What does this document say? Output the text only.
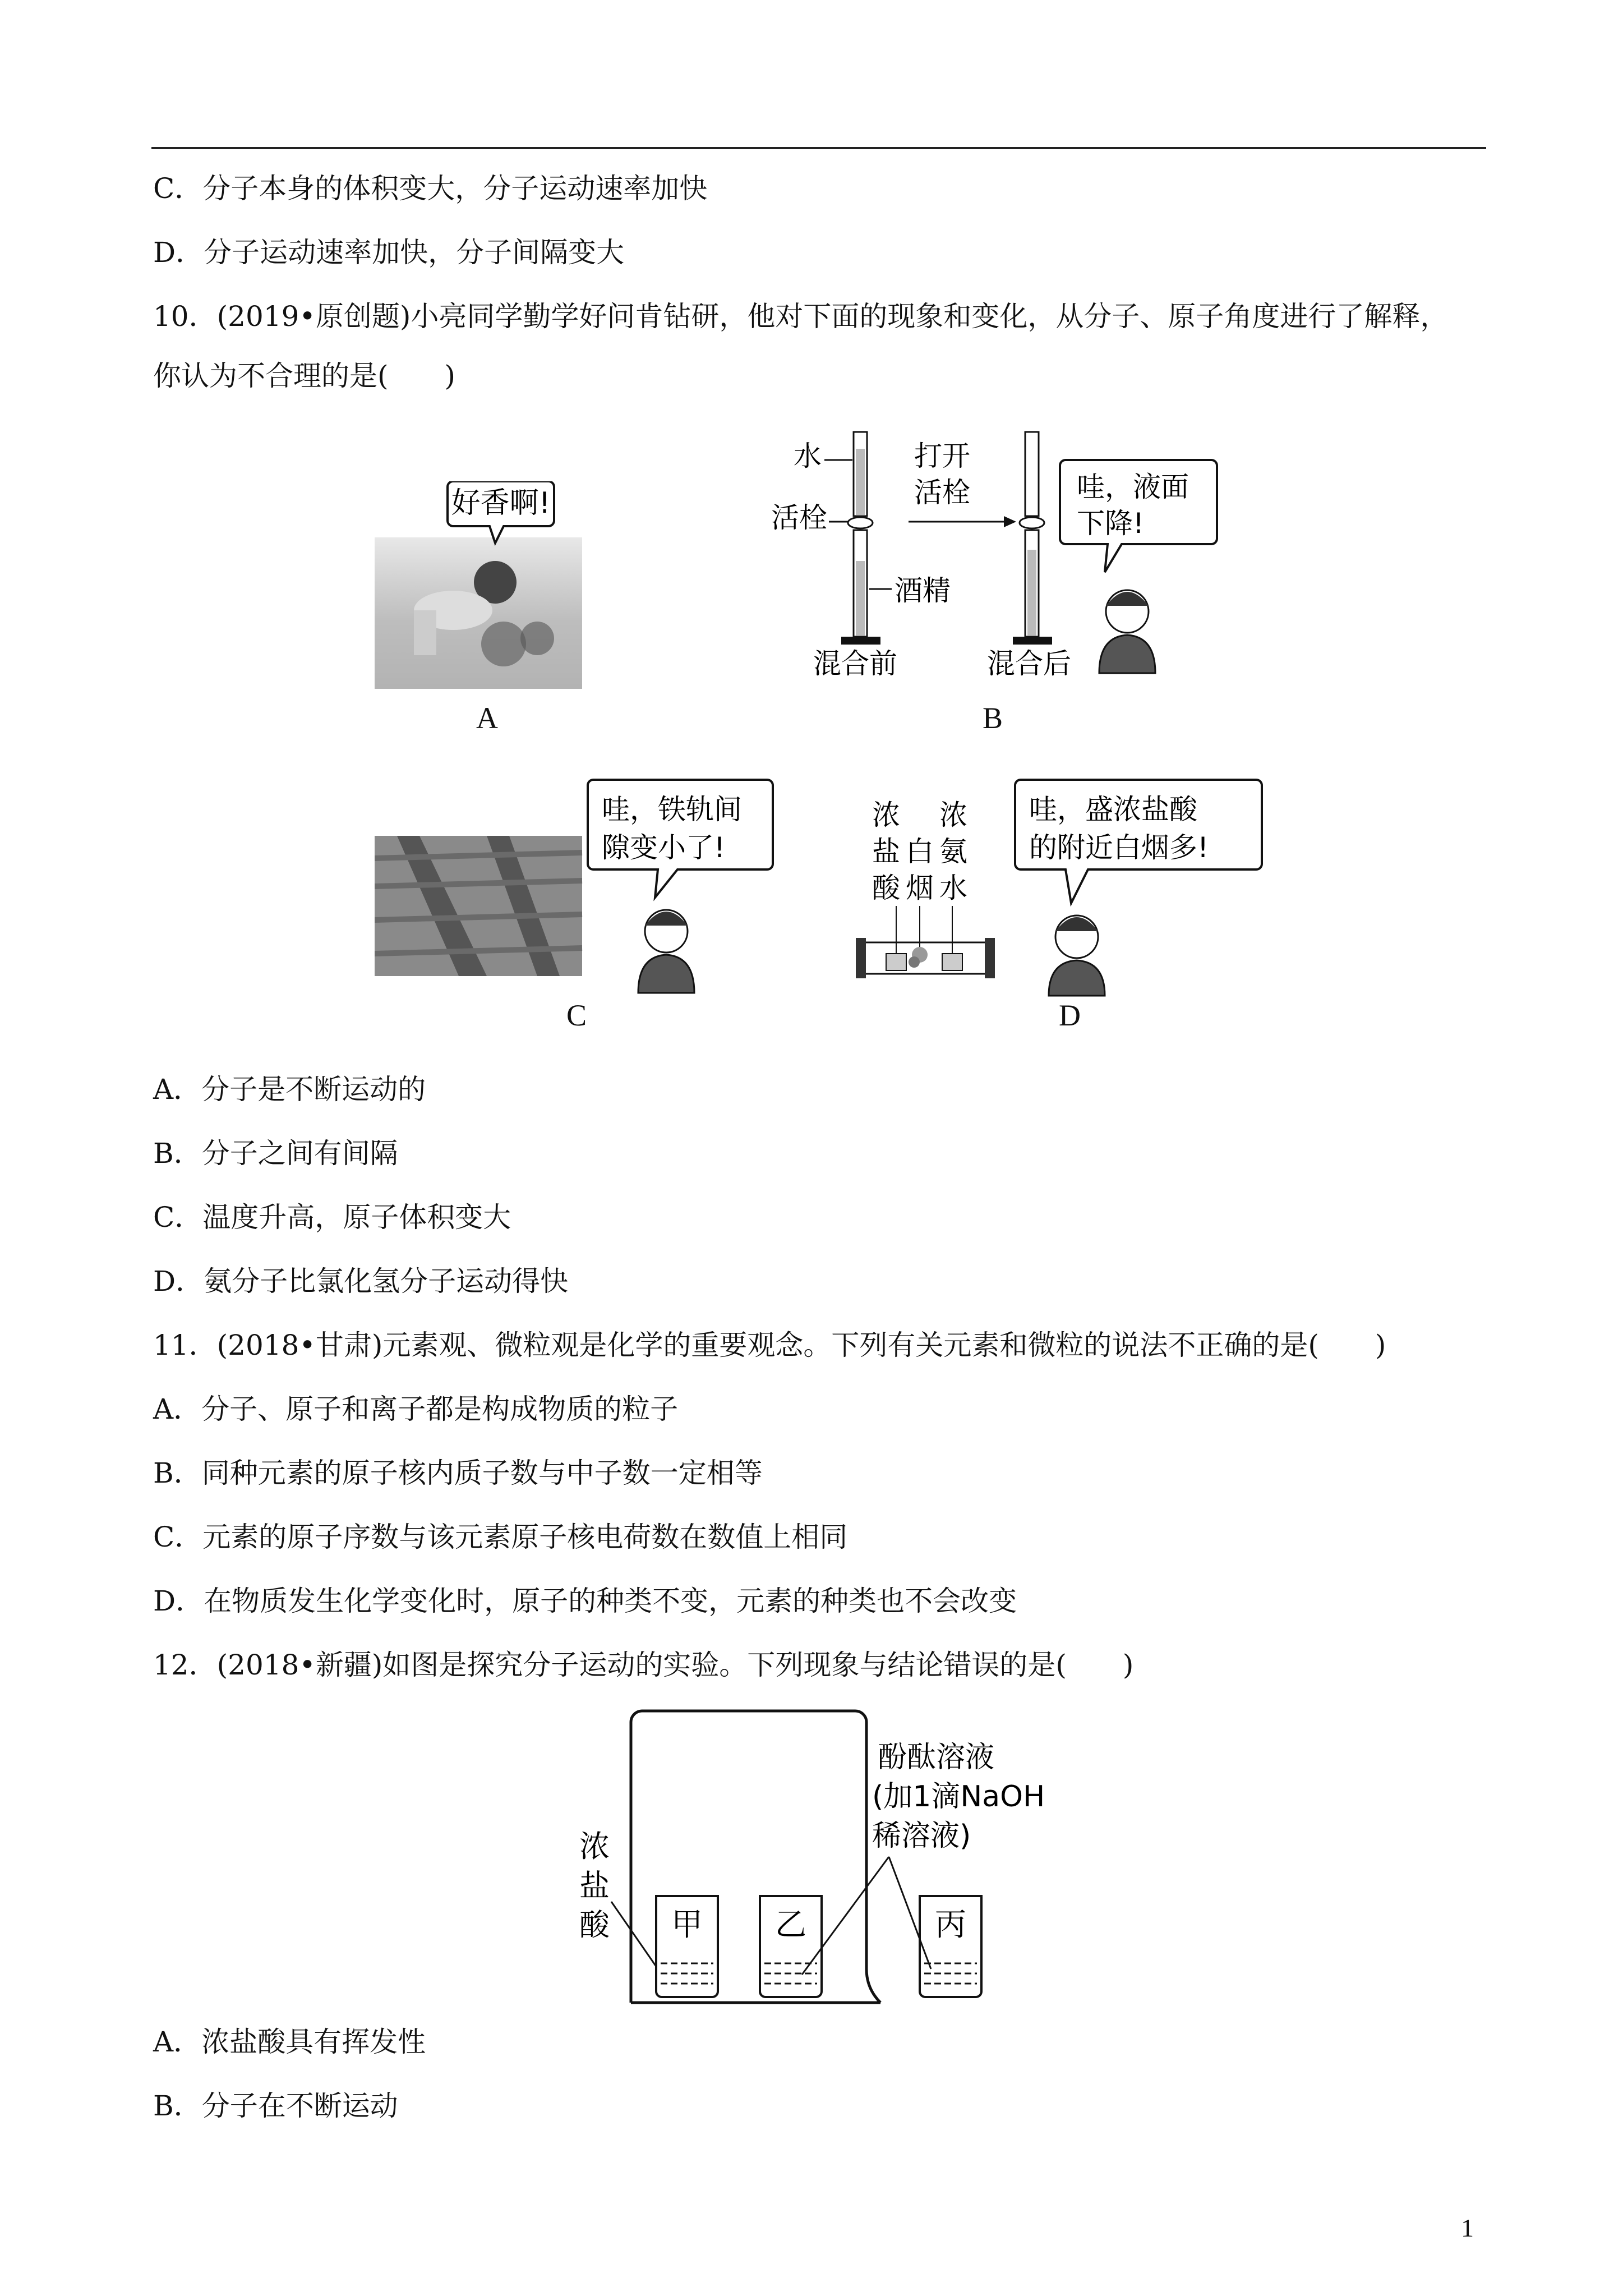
C．分子本身的体积变大，分子运动速率加快
D．分子运动速率加快，分子间隔变大
10．(2019•原创题)小亮同学勤学好问肯钻研，他对下面的现象和变化，从分子、原子角度进行了解释，
你认为不合理的是(　　)
好香啊!
A
水
活栓
酒精
混合前
打开
活栓
混合后
哇，液面
下降!
B
哇，铁轨间
隙变小了!
C
浓
盐
酸
白
烟
浓
氨
水
哇，盛浓盐酸
的附近白烟多!
D
A．分子是不断运动的
B．分子之间有间隔
C．温度升高，原子体积变大
D．氨分子比氯化氢分子运动得快
11．(2018•甘肃)元素观、微粒观是化学的重要观念。下列有关元素和微粒的说法不正确的是(　　)
A．分子、原子和离子都是构成物质的粒子
B．同种元素的原子核内质子数与中子数一定相等
C．元素的原子序数与该元素原子核电荷数在数值上相同
D．在物质发生化学变化时，原子的种类不变，元素的种类也不会改变
12．(2018•新疆)如图是探究分子运动的实验。下列现象与结论错误的是(　　)
浓
盐
酸 甲 乙	丙
酚酞溶液
(加1滴NaOH
稀溶液)
A．浓盐酸具有挥发性
B．分子在不断运动
1
